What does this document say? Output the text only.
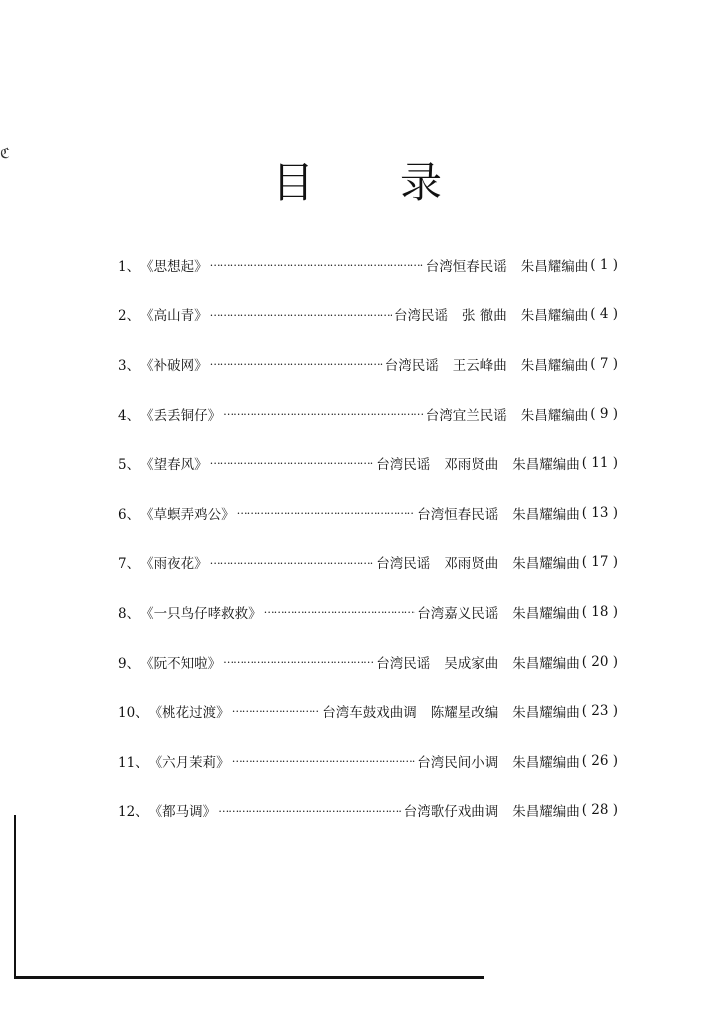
ℭ
目 录
1、 《思想起》 ……………………………………………………………………………………………………	台湾恒春民谣 朱昌耀编曲 ( 1 )
2、 《高山青》 ……………………………………………………………………………………………………	台湾民谣 张 徹曲 朱昌耀编曲 ( 4 )
3、 《补破网》 ……………………………………………………………………………………………………	台湾民谣 王云峰曲 朱昌耀编曲 ( 7 )
4、 《丢丢铜仔》 ……………………………………………………………………………………………………	台湾宜兰民谣 朱昌耀编曲 ( 9 )
5、 《望春风》 ……………………………………………………………………………………………………	台湾民谣 邓雨贤曲 朱昌耀编曲 ( 11 )
6、 《草螟弄鸡公》 ……………………………………………………………………………………………………	台湾恒春民谣 朱昌耀编曲 ( 13 )
7、 《雨夜花》 ……………………………………………………………………………………………………	台湾民谣 邓雨贤曲 朱昌耀编曲 ( 17 )
8、 《一只鸟仔哮救救》 ……………………………………………………………………………………………………	台湾嘉义民谣 朱昌耀编曲 ( 18 )
9、 《阮不知啦》 ……………………………………………………………………………………………………	台湾民谣 吴成家曲 朱昌耀编曲 ( 20 )
10、 《桃花过渡》 ……………………………………………………………………………………………………	台湾车鼓戏曲调 陈耀星改编 朱昌耀编曲 ( 23 )
11、 《六月茉莉》 ……………………………………………………………………………………………………	台湾民间小调 朱昌耀编曲 ( 26 )
12、 《都马调》 ……………………………………………………………………………………………………	台湾歌仔戏曲调 朱昌耀编曲 ( 28 )
